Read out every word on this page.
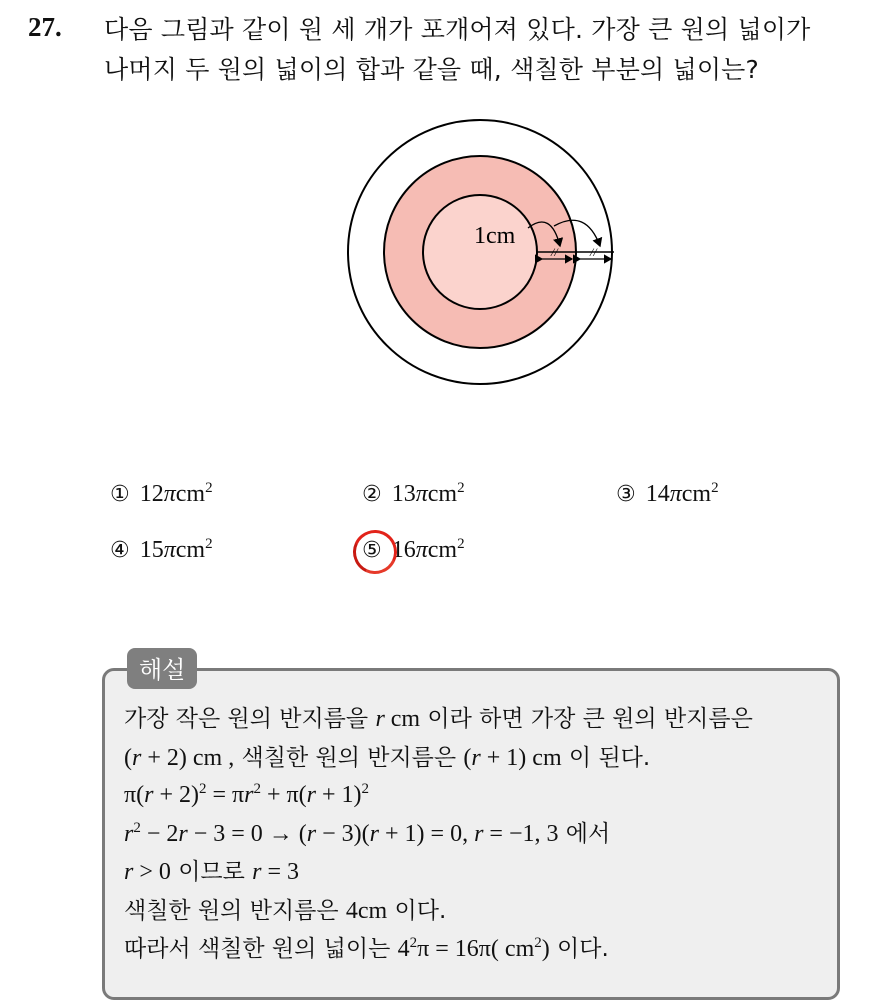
27. 다음 그림과 같이 원 세 개가 포개어져 있다. 가장 큰 원의 넓이가
나머지 두 원의 넓이의 합과 같을 때, 색칠한 부분의 넓이는?
//	//
1cm
① 12πcm$^2$	② 13πcm$^2$	③ 14πcm$^2$
④ 15πcm$^2$	⑤ 16πcm$^2$
해설
가장 작은 원의 반지름을 r cm 이라 하면 가장 큰 원의 반지름은
(r + 2) cm , 색칠한 원의 반지름은 (r + 1) cm 이 된다.
$\pi(r + 2)^2 = \pi r^2 + \pi(r + 1)^2$
$r^2 - 2r - 3 = 0 \to (r - 3)(r + 1) = 0$, r = −1, 3 에서
r > 0 이므로 r = 3
색칠한 원의 반지름은 4cm 이다.
따라서 색칠한 원의 넓이는 $4^2\pi = 16\pi$( $cm^2$) 이다.
